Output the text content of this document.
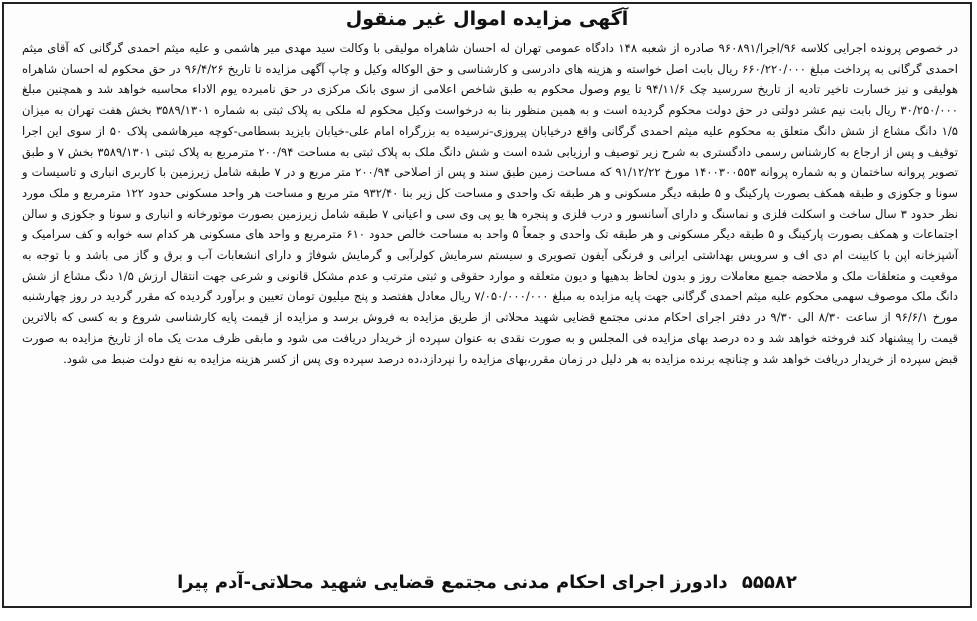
آگهی مزایده اموال غیر منقول
در خصوص پرونده اجرایی کلاسه ۹۶/اجرا/۹۶۰۸۹۱ صادره از شعبه ۱۴۸ دادگاه عمومی تهران له احسان شاهراه مولیقی با وکالت سید مهدی میر هاشمی و علیه میثم احمدی گرگانی که آقای میثم احمدی گرگانی به پرداخت مبلغ ۶۶۰/۲۲۰/۰۰۰ ریال بابت اصل خواسته و هزینه های دادرسی و کارشناسی و حق الوکاله وکیل و چاپ آگهی مزایده تا تاریخ ۹۶/۴/۲۶ در حق محکوم له احسان شاهراه هولیقی و نیز خسارت تاخیر تادیه از تاریخ سررسید چک ۹۴/۱۱/۶ تا یوم وصول محکوم به طبق شاخص اعلامی از سوی بانک مرکزی در حق نامبرده یوم الاداء محاسبه خواهد شد و همچنین مبلغ ۳۰/۲۵۰/۰۰۰ ریال بابت نیم عشر دولتی در حق دولت محکوم گردیده است و به همین منظور بنا به درخواست وکیل محکوم له ملکی به پلاک ثبتی به شماره ۳۵۸۹/۱۳۰۱ بخش هفت تهران به میزان ۱/۵ دانگ مشاع از شش دانگ متعلق به محکوم علیه میثم احمدی گرگانی واقع درخیابان پیروزی-نرسیده به بزرگراه امام علی-خیابان بایزید بسطامی-کوچه میرهاشمی پلاک ۵۰ از سوی این اجرا توقیف و پس از ارجاع به کارشناس رسمی دادگستری به شرح زیر توصیف و ارزیابی شده است و شش دانگ ملک به پلاک ثبتی به مساحت ۲۰۰/۹۴ مترمربع به پلاک ثبتی ۳۵۸۹/۱۳۰۱ بخش ۷ و طبق تصویر پروانه ساختمان و به شماره پروانه ۱۴۰۰۳۰۰۵۵۳ مورخ ۹۱/۱۲/۲۲ که مساحت زمین طبق سند و پس از اصلاحی ۲۰۰/۹۴ متر مربع و در ۷ طبقه شامل زیرزمین با کاربری انباری و تاسیسات و سونا و جکوزی و طبقه همکف بصورت پارکینگ و ۵ طبقه دیگر مسکونی و هر طبقه تک واحدی و مساحت کل زیر بنا ۹۳۲/۴۰ متر مربع و مساحت هر واحد مسکونی حدود ۱۲۲ مترمربع و ملک مورد نظر حدود ۳ سال ساخت و اسکلت فلزی و نماسنگ و دارای آسانسور و درب فلزی و پنجره ها یو پی وی سی و اعیانی ۷ طبقه شامل زیرزمین بصورت موتورخانه و انباری و سونا و جکوزی و سالن اجتماعات و همکف بصورت پارکینگ و ۵ طبقه دیگر مسکونی و هر طبقه تک واحدی و جمعاً ۵ واحد به مساحت خالص حدود ۶۱۰ مترمربع و واحد های مسکونی هر کدام سه خوابه و کف سرامیک و آشپزخانه اپن با کابینت ام دی اف و سرویس بهداشتی ایرانی و فرنگی آیفون تصویری و سیستم سرمایش کولرآبی و گرمایش شوفاژ و دارای انشعابات آب و برق و گاز می باشد و با توجه به موقعیت و متعلقات ملک و ملاحضه جمیع معاملات روز و بدون لحاظ بدهیها و دیون متعلقه و موارد حقوقی و ثبتی مترتب و عدم مشکل قانونی و شرعی جهت انتقال ارزش ۱/۵ دنگ مشاع از شش دانگ ملک موصوف سهمی محکوم علیه میثم احمدی گرگانی جهت پایه مزایده به مبلغ ۷/۰۵۰/۰۰۰/۰۰۰ ریال معادل هفتصد و پنج میلیون تومان تعیین و برآورد گردیده که مقرر گردید در روز چهارشنبه مورخ ۹۶/۶/۱ از ساعت ۸/۳۰ الی ۹/۳۰ در دفتر اجرای احکام مدنی مجتمع قضایی شهید محلاتی از طریق مزایده به فروش برسد و مزایده از قیمت پایه کارشناسی شروع و به کسی که بالاترین قیمت را پیشنهاد کند فروخته خواهد شد و ده درصد بهای مزایده فی المجلس و به صورت نقدی به عنوان سپرده از خریدار دریافت می شود و مابقی ظرف مدت یک ماه از تاریخ مزایده به صورت قبض سپرده از خریدار دریافت خواهد شد و چنانچه برنده مزایده به هر دلیل در زمان مقرر،بهای مزایده را نپردازد،ده درصد سپرده وی پس از کسر هزینه مزایده به نفع دولت ضبط می شود.
۵۵۵۸۲ دادورز اجرای احکام مدنی مجتمع قضایی شهید محلاتی-آدم پیرا
